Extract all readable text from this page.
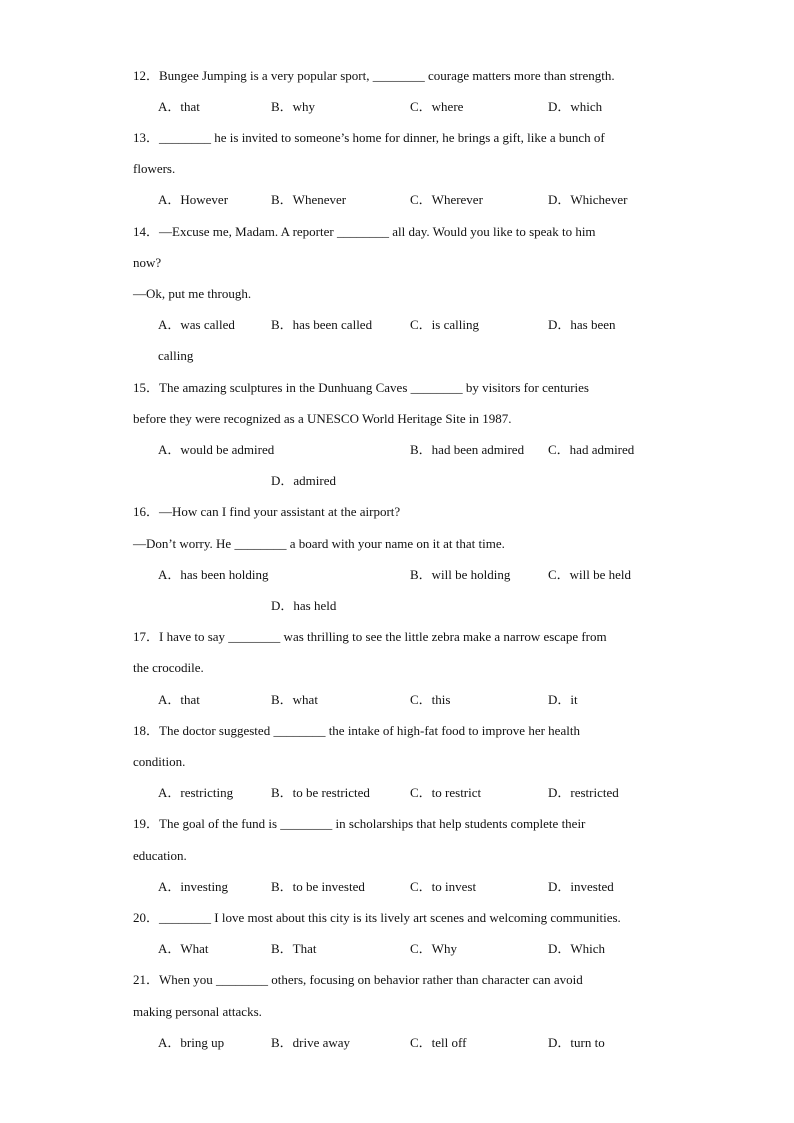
12．Bungee Jumping is a very popular sport, ________ courage matters more than strength.
A．that	B．why	C．where	D．which
13．________ he is invited to someone’s home for dinner, he brings a gift, like a bunch of
flowers.
A．However	B．Whenever	C．Wherever	D．Whichever
14．—Excuse me, Madam. A reporter ________ all day. Would you like to speak to him
now?
—Ok, put me through.
A．was called	B．has been called	C．is calling	D．has been
calling
15．The amazing sculptures in the Dunhuang Caves ________ by visitors for centuries
before they were recognized as a UNESCO World Heritage Site in 1987.
A．would be admired	B．had been admired C．had admired
D．admired
16．—How can I find your assistant at the airport?
—Don’t worry. He ________ a board with your name on it at that time.
A．has been holding	B．will be holding	C．will be held
D．has held
17．I have to say ________ was thrilling to see the little zebra make a narrow escape from
the crocodile.
A．that	B．what	C．this	D．it
18．The doctor suggested ________ the intake of high-fat food to improve her health
condition.
A．restricting	B．to be restricted	C．to restrict	D．restricted
19．The goal of the fund is ________ in scholarships that help students complete their
education.
A．investing	B．to be invested	C．to invest	D．invested
20．________ I love most about this city is its lively art scenes and welcoming communities.
A．What	B．That	C．Why	D．Which
21．When you ________ others, focusing on behavior rather than character can avoid
making personal attacks.
A．bring up	B．drive away	C．tell off	D．turn to
